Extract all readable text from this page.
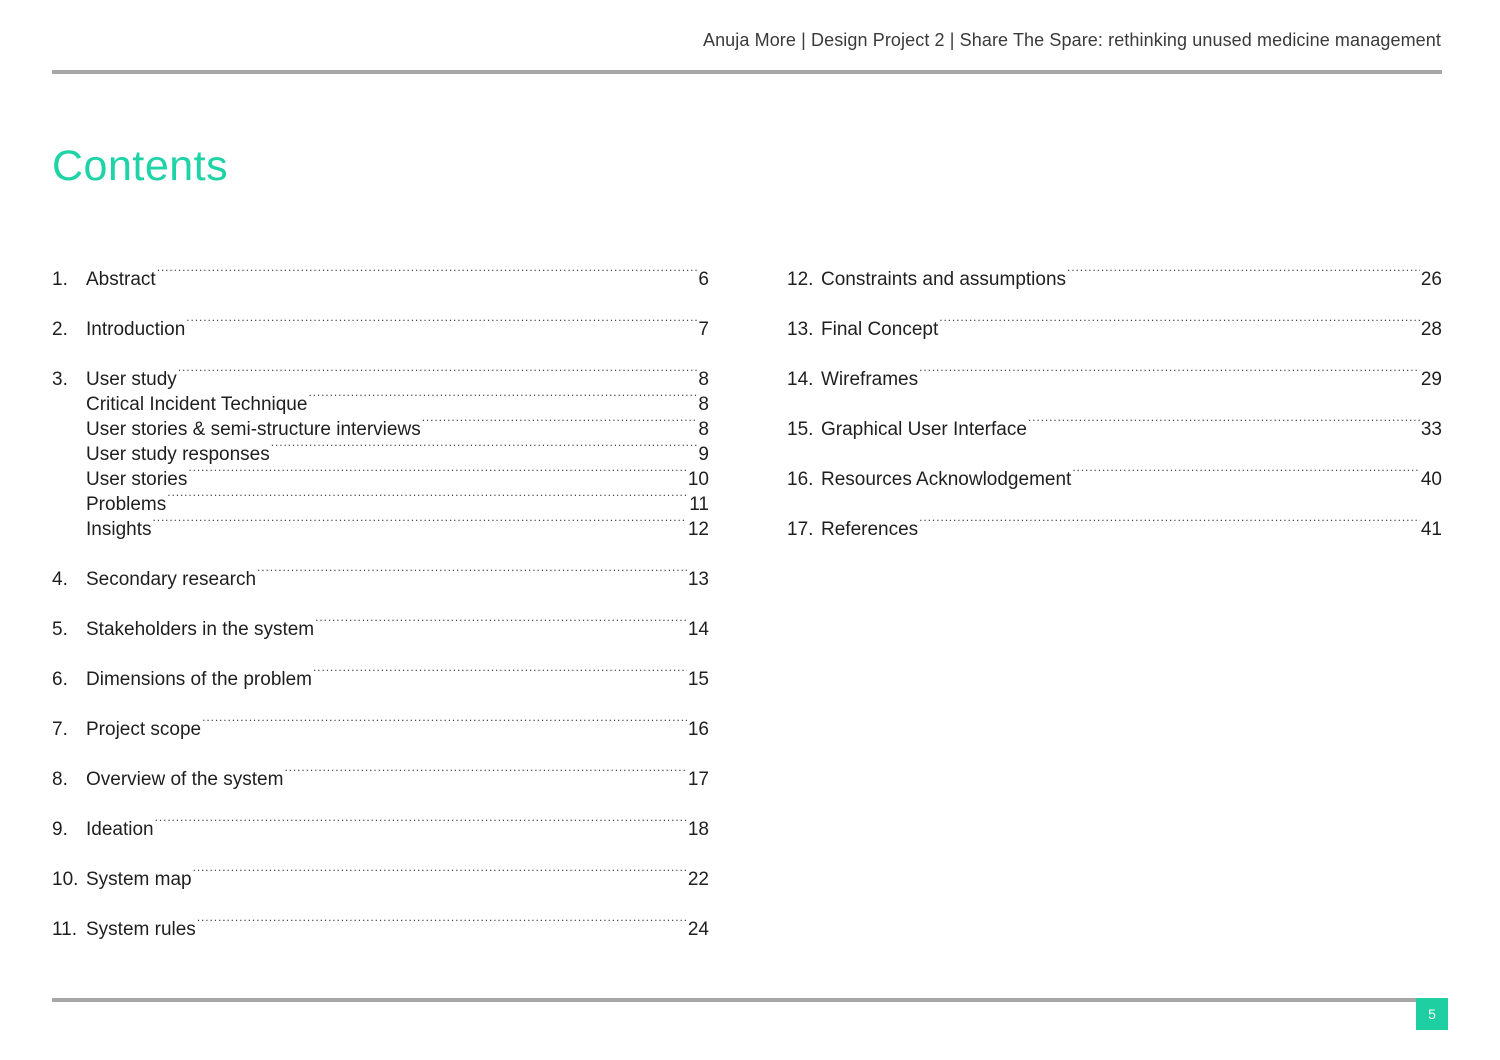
Anuja More | Design Project 2 | Share The Spare: rethinking unused medicine management
Contents
1. Abstract .....	6
2. Introduction .....	7
3. User study .....	8
Critical Incident Technique .....	8
User stories & semi-structure interviews .....	8
User study responses .....	9
User stories .....	10
Problems .....	11
Insights .....	12
4. Secondary research .....	13
5. Stakeholders in the system .....	14
6. Dimensions of the problem .....	15
7. Project scope .....	16
8. Overview of the system .....	17
9. Ideation .....	18
10. System map .....	22
11. System rules .....	24
12. Constraints and assumptions .....	26
13. Final Concept .....	28
14. Wireframes .....	29
15. Graphical User Interface .....	33
16. Resources Acknowlodgement .....	40
17. References .....	41
5
